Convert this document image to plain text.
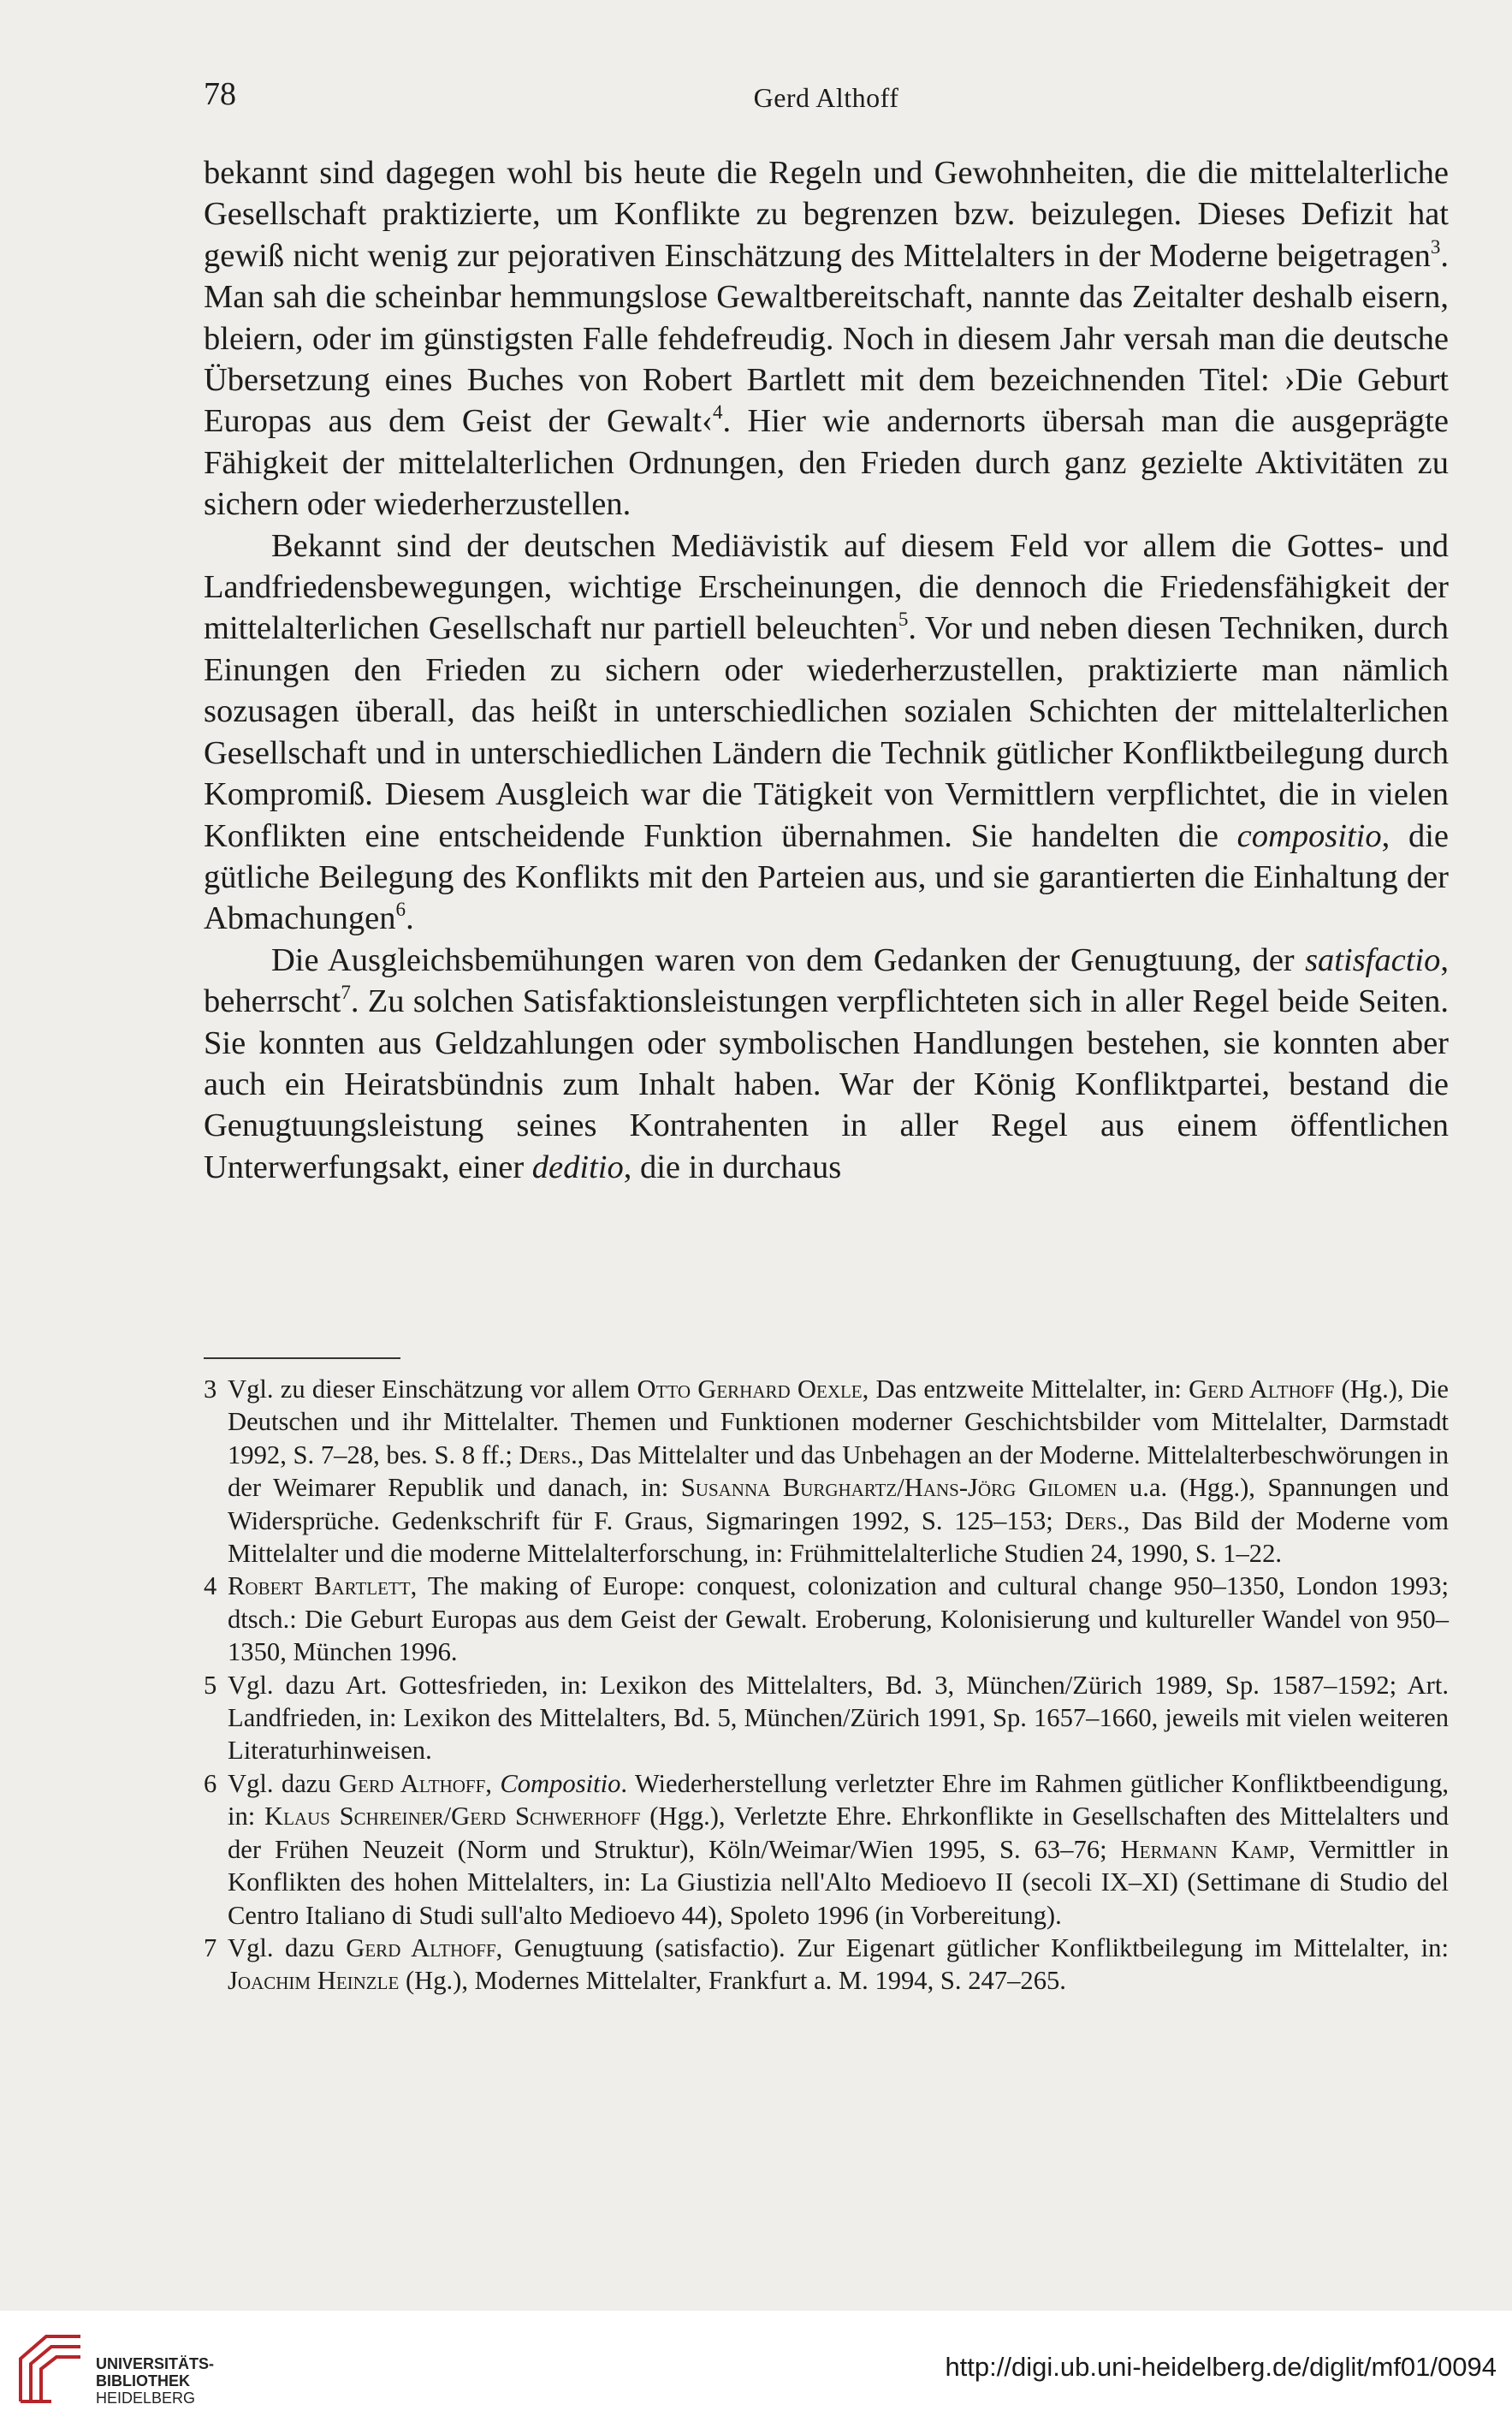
78	Gerd Althoff

bekannt sind dagegen wohl bis heute die Regeln und Gewohnheiten, die die mittelalterliche Gesellschaft praktizierte, um Konflikte zu begrenzen bzw. beizulegen. Dieses Defizit hat gewiß nicht wenig zur pejorativen Einschätzung des Mittelalters in der Moderne beigetragen$^3$. Man sah die scheinbar hemmungslose Gewaltbereitschaft, nannte das Zeitalter deshalb eisern, bleiern, oder im günstigsten Falle fehdefreudig. Noch in diesem Jahr versah man die deutsche Übersetzung eines Buches von Robert Bartlett mit dem bezeichnenden Titel: ›Die Geburt Europas aus dem Geist der Gewalt‹$^4$. Hier wie andernorts übersah man die ausgeprägte Fähigkeit der mittelalterlichen Ordnungen, den Frieden durch ganz gezielte Aktivitäten zu sichern oder wiederherzustellen.

Bekannt sind der deutschen Mediävistik auf diesem Feld vor allem die Gottes- und Landfriedensbewegungen, wichtige Erscheinungen, die dennoch die Friedensfähigkeit der mittelalterlichen Gesellschaft nur partiell beleuchten$^5$. Vor und neben diesen Techniken, durch Einungen den Frieden zu sichern oder wiederherzustellen, praktizierte man nämlich sozusagen überall, das heißt in unterschiedlichen sozialen Schichten der mittelalterlichen Gesellschaft und in unterschiedlichen Ländern die Technik gütlicher Konfliktbeilegung durch Kompromiß. Diesem Ausgleich war die Tätigkeit von Vermittlern verpflichtet, die in vielen Konflikten eine entscheidende Funktion übernahmen. Sie handelten die compositio, die gütliche Beilegung des Konflikts mit den Parteien aus, und sie garantierten die Einhaltung der Abmachungen$^6$.

Die Ausgleichsbemühungen waren von dem Gedanken der Genugtuung, der satisfactio, beherrscht$^7$. Zu solchen Satisfaktionsleistungen verpflichteten sich in aller Regel beide Seiten. Sie konnten aus Geldzahlungen oder symbolischen Handlungen bestehen, sie konnten aber auch ein Heiratsbündnis zum Inhalt haben. War der König Konfliktpartei, bestand die Genugtuungsleistung seines Kontrahenten in aller Regel aus einem öffentlichen Unterwerfungsakt, einer deditio, die in durchaus

3 Vgl. zu dieser Einschätzung vor allem Otto Gerhard Oexle, Das entzweite Mittelalter, in: Gerd Althoff (Hg.), Die Deutschen und ihr Mittelalter. Themen und Funktionen moderner Geschichtsbilder vom Mittelalter, Darmstadt 1992, S. 7–28, bes. S. 8 ff.; Ders., Das Mittelalter und das Unbehagen an der Moderne. Mittelalterbeschwörungen in der Weimarer Republik und danach, in: Susanna Burghartz/Hans-Jörg Gilomen u.a. (Hgg.), Spannungen und Widersprüche. Gedenkschrift für F. Graus, Sigmaringen 1992, S. 125–153; Ders., Das Bild der Moderne vom Mittelalter und die moderne Mittelalterforschung, in: Frühmittelalterliche Studien 24, 1990, S. 1–22.

4 Robert Bartlett, The making of Europe: conquest, colonization and cultural change 950–1350, London 1993; dtsch.: Die Geburt Europas aus dem Geist der Gewalt. Eroberung, Kolonisierung und kultureller Wandel von 950–1350, München 1996.

5 Vgl. dazu Art. Gottesfrieden, in: Lexikon des Mittelalters, Bd. 3, München/Zürich 1989, Sp. 1587–1592; Art. Landfrieden, in: Lexikon des Mittelalters, Bd. 5, München/Zürich 1991, Sp. 1657–1660, jeweils mit vielen weiteren Literaturhinweisen.

6 Vgl. dazu Gerd Althoff, Compositio. Wiederherstellung verletzter Ehre im Rahmen gütlicher Konfliktbeendigung, in: Klaus Schreiner/Gerd Schwerhoff (Hgg.), Verletzte Ehre. Ehrkonflikte in Gesellschaften des Mittelalters und der Frühen Neuzeit (Norm und Struktur), Köln/Weimar/Wien 1995, S. 63–76; Hermann Kamp, Vermittler in Konflikten des hohen Mittelalters, in: La Giustizia nell'Alto Medioevo II (secoli IX–XI) (Settimane di Studio del Centro Italiano di Studi sull'alto Medioevo 44), Spoleto 1996 (in Vorbereitung).

7 Vgl. dazu Gerd Althoff, Genugtuung (satisfactio). Zur Eigenart gütlicher Konfliktbeilegung im Mittelalter, in: Joachim Heinzle (Hg.), Modernes Mittelalter, Frankfurt a. M. 1994, S. 247–265.

UNIVERSITÄTS-
BIBLIOTHEK
HEIDELBERG
http://digi.ub.uni-heidelberg.de/diglit/mf01/0094
